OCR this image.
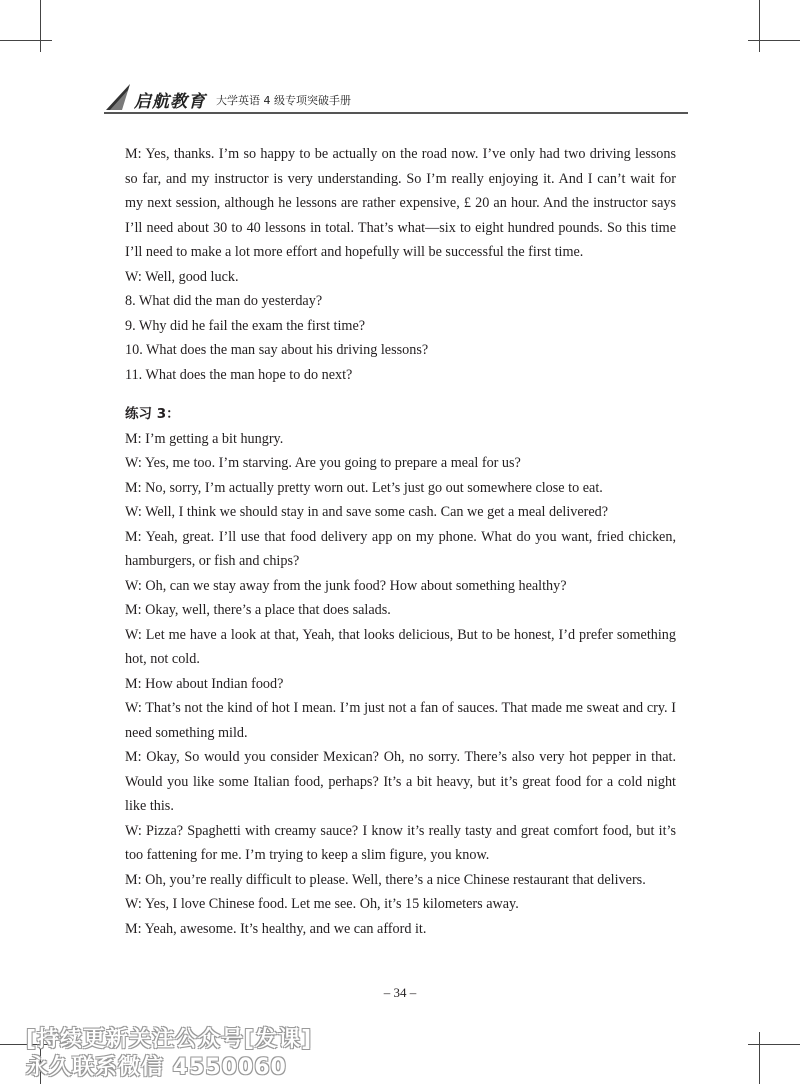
启航教育 大学英语 4 级专项突破手册

M: Yes, thanks. I’m so happy to be actually on the road now. I’ve only had two driving lessons so far, and my instructor is very understanding. So I’m really enjoying it. And I can’t wait for my next session, although he lessons are rather expensive, £ 20 an hour. And the instructor says I’ll need about 30 to 40 lessons in total. That’s what—six to eight hundred pounds. So this time I’ll need to make a lot more effort and hopefully will be successful the first time.

W: Well, good luck.

8. What did the man do yesterday?

9. Why did he fail the exam the first time?

10. What does the man say about his driving lessons?

11. What does the man hope to do next?

练习 3：

M: I’m getting a bit hungry.

W: Yes, me too. I’m starving. Are you going to prepare a meal for us?

M: No, sorry, I’m actually pretty worn out. Let’s just go out somewhere close to eat.

W: Well, I think we should stay in and save some cash. Can we get a meal delivered?

M: Yeah, great. I’ll use that food delivery app on my phone. What do you want, fried chicken, hamburgers, or fish and chips?

W: Oh, can we stay away from the junk food? How about something healthy?

M: Okay, well, there’s a place that does salads.

W: Let me have a look at that, Yeah, that looks delicious, But to be honest, I’d prefer something hot, not cold.

M: How about Indian food?

W: That’s not the kind of hot I mean. I’m just not a fan of sauces. That made me sweat and cry. I need something mild.

M: Okay, So would you consider Mexican? Oh, no sorry. There’s also very hot pepper in that. Would you like some Italian food, perhaps? It’s a bit heavy, but it’s great food for a cold night like this.

W: Pizza? Spaghetti with creamy sauce? I know it’s really tasty and great comfort food, but it’s too fattening for me. I’m trying to keep a slim figure, you know.

M: Oh, you’re really difficult to please. Well, there’s a nice Chinese restaurant that delivers.

W: Yes, I love Chinese food. Let me see. Oh, it’s 15 kilometers away.

M: Yeah, awesome. It’s healthy, and we can afford it.

– 34 –
[持续更新关注公众号[发课]
永久联系微信 4550060
